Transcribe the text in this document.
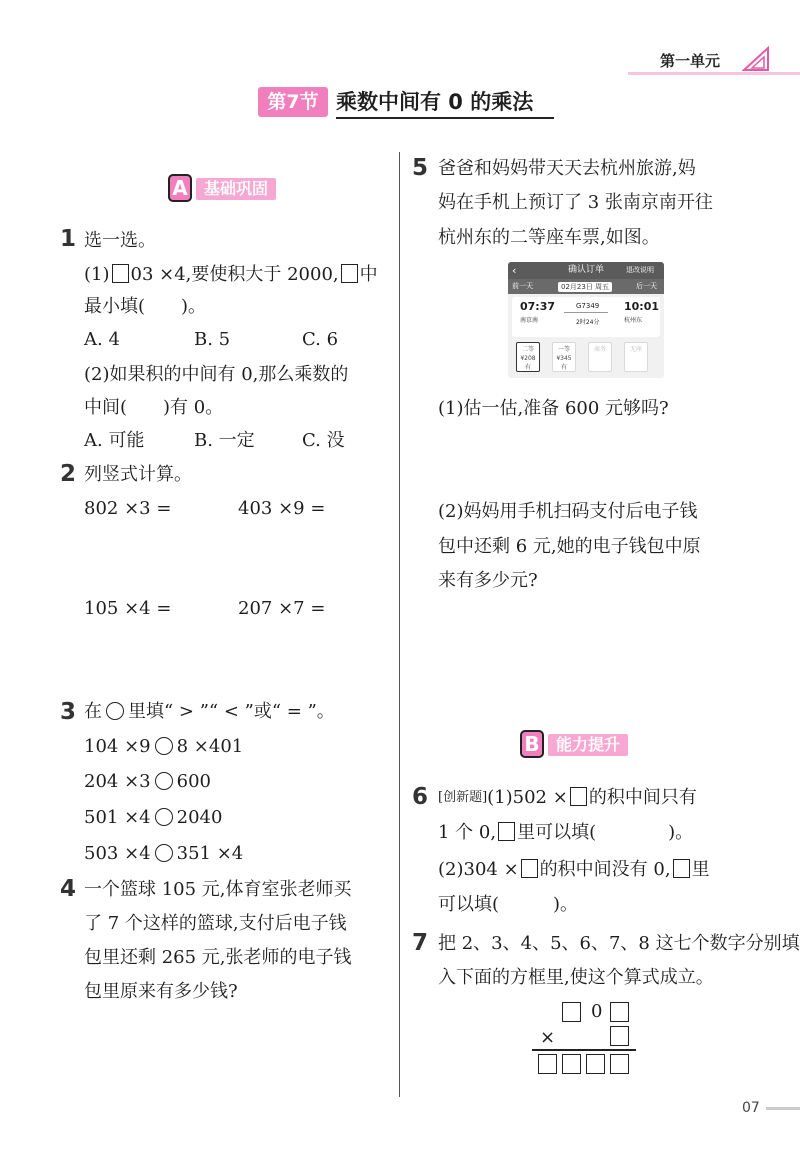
第一单元
第7节 乘数中间有 0 的乘法
A	基础巩固
1 选一选。
(1) 03 ×4,要使积大于 2000, 中
最小填(　　)。
A. 4	B. 5	C. 6
(2)如果积的中间有 0,那么乘数的
中间(　　)有 0。
A. 可能	B. 一定	C. 没
2 列竖式计算。
802 ×3 =	403 ×9 =
105 ×4 =	207 ×7 =
3 在 里填“ > ”“ < ”或“ = ”。
104 ×9 8 ×401
204 ×3 600
501 ×4 2040
503 ×4 351 ×4
4 一个篮球 105 元,体育室张老师买
了 7 个这样的篮球,支付后电子钱
包里还剩 265 元,张老师的电子钱
包里原来有多少钱?
5 爸爸和妈妈带天天去杭州旅游,妈
妈在手机上预订了 3 张南京南开往
杭州东的二等座车票,如图。
‹	确认订单	退改说明
前一天	02月23日 周五	后一天
07:37
南京南
G7349
2时24分
10:01
杭州东
二等
¥208
有
一等
¥345
有
商务	无座
(1)估一估,准备 600 元够吗?
(2)妈妈用手机扫码支付后电子钱
包中还剩 6 元,她的电子钱包中原
来有多少元?
B	能力提升
6 [创新题](1)502 × 的积中间只有
1 个 0, 里可以填(　　　　)。
(2)304 × 的积中间没有 0, 里
可以填(　　　)。
7 把 2、3、4、5、6、7、8 这七个数字分别填
入下面的方框里,使这个算式成立。
0
×
07
